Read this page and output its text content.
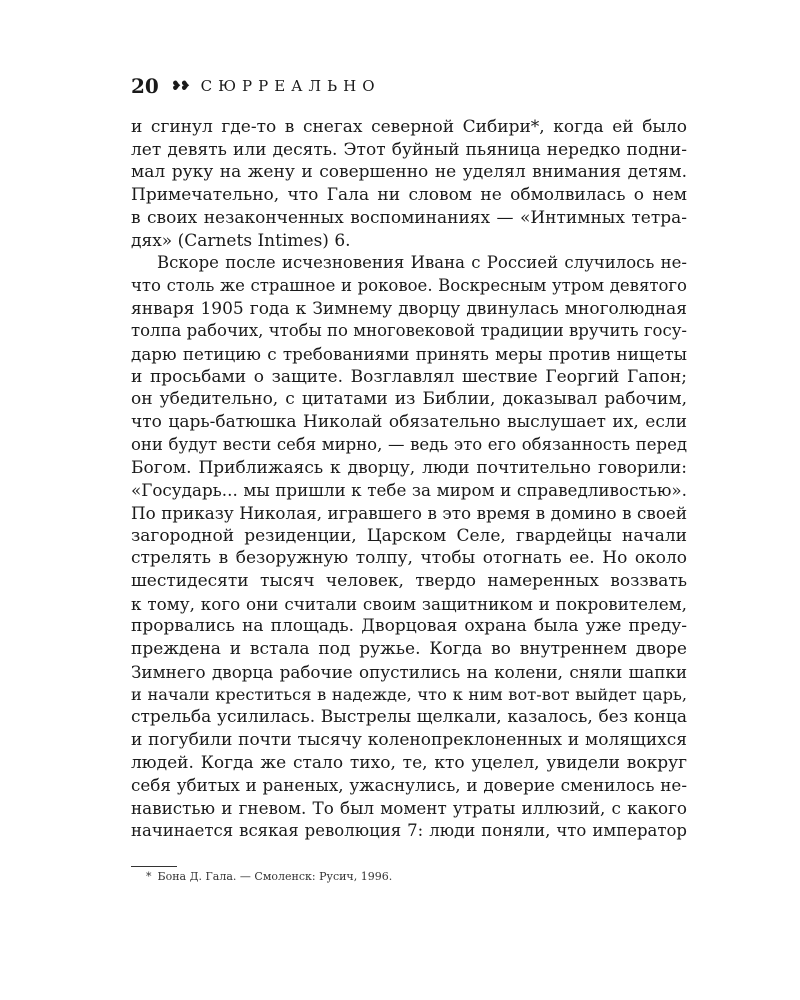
20 ❥❥ СЮРРЕАЛЬНО
и сгинул где-то в снегах северной Сибири*, когда ей было
лет девять или десять. Этот буйный пьяница нередко подни-
мал руку на жену и совершенно не уделял внимания детям.
Примечательно, что Гала ни словом не обмолвилась о нем
в своих незаконченных воспоминаниях — «Интимных тетра-
дях» (Carnets Intimes) 6.
Вскоре после исчезновения Ивана с Россией случилось не-
что столь же страшное и роковое. Воскресным утром девятого
января 1905 года к Зимнему дворцу двинулась многолюдная
толпа рабочих, чтобы по многовековой традиции вручить госу-
дарю петицию с требованиями принять меры против нищеты
и просьбами о защите. Возглавлял шествие Георгий Гапон;
он убедительно, с цитатами из Библии, доказывал рабочим,
что царь-батюшка Николай обязательно выслушает их, если
они будут вести себя мирно, — ведь это его обязанность перед
Богом. Приближаясь к дворцу, люди почтительно говорили:
«Государь... мы пришли к тебе за миром и справедливостью».
По приказу Николая, игравшего в это время в домино в своей
загородной резиденции, Царском Селе, гвардейцы начали
стрелять в безоружную толпу, чтобы отогнать ее. Но около
шестидесяти тысяч человек, твердо намеренных воззвать
к тому, кого они считали своим защитником и покровителем,
прорвались на площадь. Дворцовая охрана была уже преду-
преждена и встала под ружье. Когда во внутреннем дворе
Зимнего дворца рабочие опустились на колени, сняли шапки
и начали креститься в надежде, что к ним вот-вот выйдет царь,
стрельба усилилась. Выстрелы щелкали, казалось, без конца
и погубили почти тысячу коленопреклоненных и молящихся
людей. Когда же стало тихо, те, кто уцелел, увидели вокруг
себя убитых и раненых, ужаснулись, и доверие сменилось не-
навистью и гневом. То был момент утраты иллюзий, с какого
начинается всякая революция 7: люди поняли, что император
* Бона Д. Гала. — Смоленск: Русич, 1996.
